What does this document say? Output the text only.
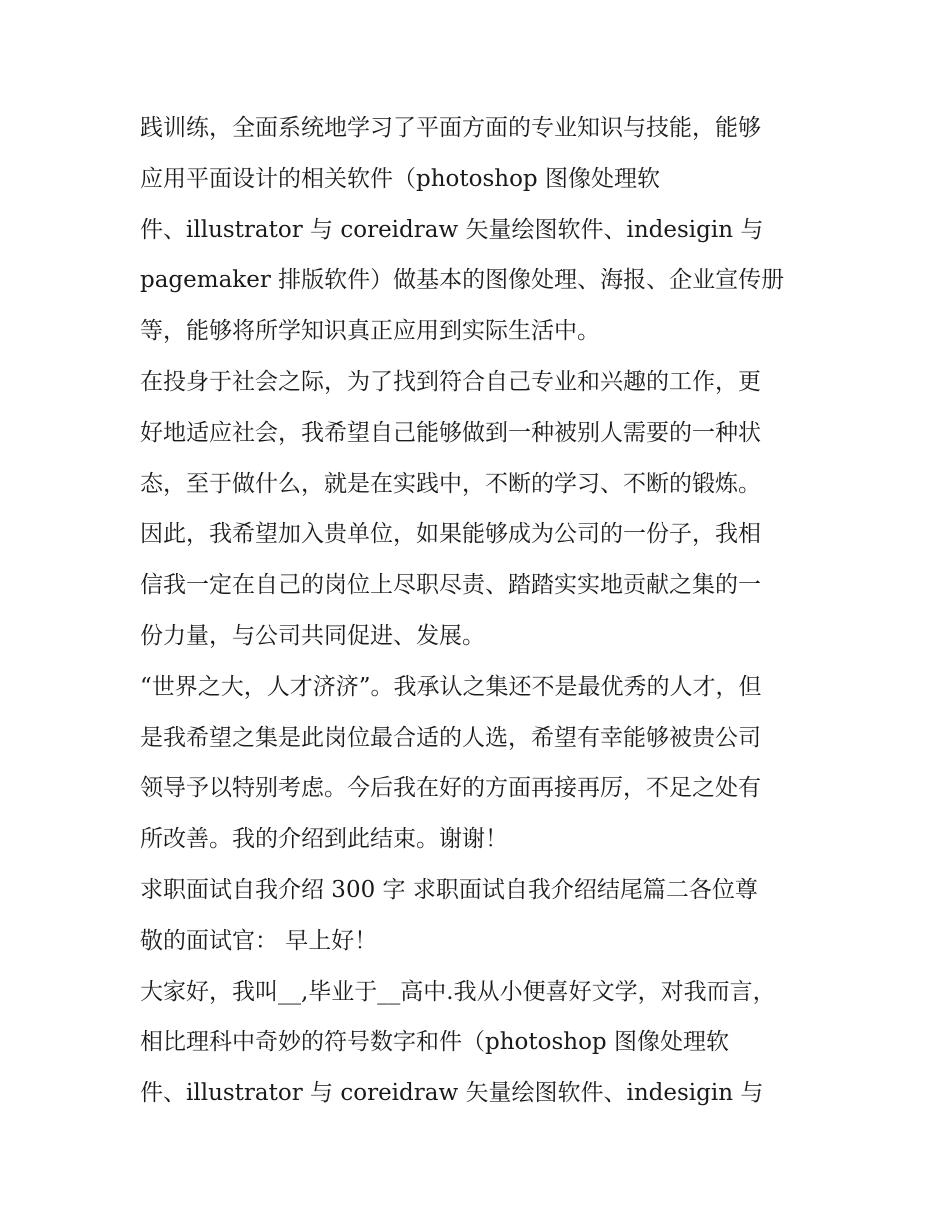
践训练，全面系统地学习了平面方面的专业知识与技能，能够
应用平面设计的相关软件（photoshop 图像处理软
件、illustrator 与 coreidraw 矢量绘图软件、indesigin 与
pagemaker 排版软件）做基本的图像处理、海报、企业宣传册
等，能够将所学知识真正应用到实际生活中。
在投身于社会之际，为了找到符合自己专业和兴趣的工作，更
好地适应社会，我希望自己能够做到一种被别人需要的一种状
态，至于做什么，就是在实践中，不断的学习、不断的锻炼。
因此，我希望加入贵单位，如果能够成为公司的一份子，我相
信我一定在自己的岗位上尽职尽责、踏踏实实地贡献之集的一
份力量，与公司共同促进、发展。
“世界之大，人才济济”。我承认之集还不是最优秀的人才，但
是我希望之集是此岗位最合适的人选，希望有幸能够被贵公司
领导予以特别考虑。今后我在好的方面再接再厉，不足之处有
所改善。我的介绍到此结束。谢谢！
求职面试自我介绍 300 字 求职面试自我介绍结尾篇二各位尊
敬的面试官： 早上好！
大家好，我叫__,毕业于__高中.我从小便喜好文学，对我而言，
相比理科中奇妙的符号数字和件（photoshop 图像处理软
件、illustrator 与 coreidraw 矢量绘图软件、indesigin 与
